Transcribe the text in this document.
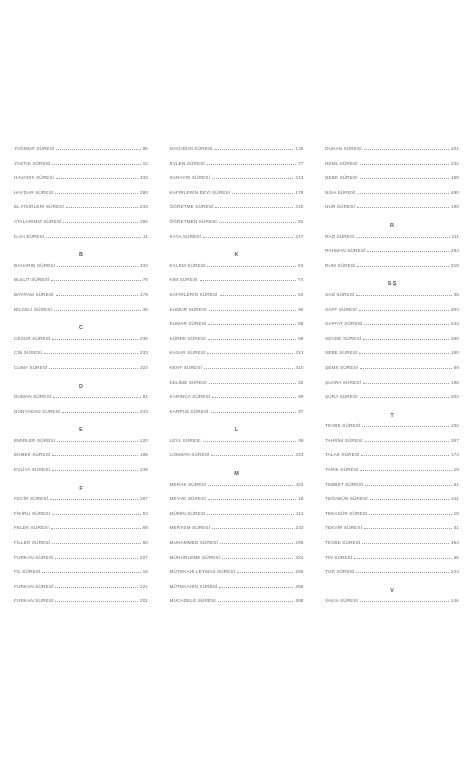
YAĞMUR SÜRESİ	96
YASTIK SÜRESİ	12
HAVADİS SÜRESİ	332
HAYDAR SÜRESİ	390
EL FİKİRLERİ SÜRESİ	233
ATALARIMIZ SÜRESİ	150
İLAH SÜRESİ	11
B
BAHARIN SÜRESİ	334
BULUT SÜRESİ	76
BAYRAM SÜRESİ	178
BİLGELİ SÜRESİ	46
C
CESUR SÜRESİ	235
CİN SÜRESİ	233
CUMA SÜRESİ	323
D
DUMAN SÜRESİ	81
DÜNYADAN SÜRESİ	243
E
EMİRLER SÜRESİ	120
EKMEK SÜRESİ	195
EVLİYA SÜRESİ	138
F
FECİR SÜRESİ	187
FİKİRLİ SÜRESİ	63
FELEK SÜRESİ	89
FİLLER SÜRESİ	90
FURKAN SÜRESİ	227
FİL SÜRESİ	16
FURKAN SÜRESİ	121
FURKAN SÜRESİ	201
DAVUDUN SÜRESİ	136
EVLEN SÜRESİ	77
SARAYIN SÜRESİ	213
KAFİRLERİN BEYİ SÜRESİ	179
ÖĞRETME SÜRESİ	310
ÖĞRETMEN SÜRESİ	52
KAYA SÜRESİ	217
K
KALEM SÜRESİ	63
KİM SÜRESİ	74
KAFİRLERİN SÜRESİ	53
KUMUR SÜRESİ	95
KUMAR SÜRESİ	88
KÜREK SÜRESİ	88
KASAR SÜRESİ	313
KEHF SÜRESİ	310
KELİME SÜRESİ	32
KARINCA SÜRESİ	99
KARPUZ SÜRESİ	37
L
LEYL SÜRESİ	39
LOKMAN SÜRESİ	323
M
MERAK SÜRESİ	422
MEYVE SÜRESİ	18
MÜMİN SÜRESİ	114
MERYEM SÜRESİ	232
MUHAMMED SÜRESİ	298
MÜHÜRLEME SÜRESİ	324
MÜTEKAHİ LEYMAS SÜRESİ	255
MÜTEKAHİN SÜRESİ	288
MÜCADELE SÜRESİ	288
DUHAN SÜRESİ	101
NEML SÜRESİ	232
NEBE SÜRESİ	159
NİSA SÜRESİ	480
NUR SÜRESİ	190
R
RAD SÜRESİ	111
RAHMAN SÜRESİ	294
RUM SÜRESİ	318
S Ş
SAD SÜRESİ	35
SAFF SÜRESİ	304
SAFFAT SÜRESİ	443
SECDE SÜRESİ	360
SEBE SÜRESİ	180
ŞEMS SÜRESİ	59
ŞUARA SÜRESİ	198
ŞÜRA SÜRESİ	404
T
TEVBE SÜRESİ	102
TAHRİM SÜRESİ	367
TALAK SÜRESİ	174
TARIK SÜRESİ	19
TEBBET SÜRESİ	61
TEĞABÜN SÜRESİ	411
TEKASÜR SÜRESİ	18
TEKVİR SÜRESİ	31
TEVBE SÜRESİ	454
TİN SÜRESİ	66
TUR SÜRESİ	223
V
VAKIA SÜRESİ	146
